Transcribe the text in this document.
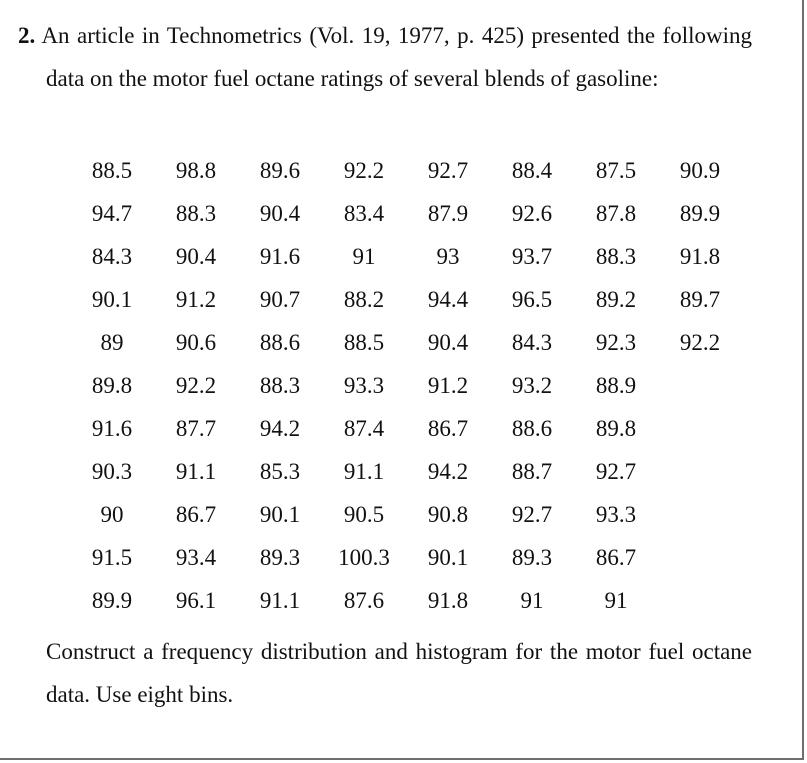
2. An article in Technometrics (Vol. 19, 1977, p. 425) presented the following data on the motor fuel octane ratings of several blends of gasoline:

88.5	98.8	89.6	92.2	92.7	88.4	87.5	90.9
94.7	88.3	90.4	83.4	87.9	92.6	87.8	89.9
84.3	90.4	91.6	91	93	93.7	88.3	91.8
90.1	91.2	90.7	88.2	94.4	96.5	89.2	89.7
89	90.6	88.6	88.5	90.4	84.3	92.3	92.2
89.8	92.2	88.3	93.3	91.2	93.2	88.9	
91.6	87.7	94.2	87.4	86.7	88.6	89.8	
90.3	91.1	85.3	91.1	94.2	88.7	92.7	
90	86.7	90.1	90.5	90.8	92.7	93.3	
91.5	93.4	89.3	100.3	90.1	89.3	86.7	
89.9	96.1	91.1	87.6	91.8	91	91	

Construct a frequency distribution and histogram for the motor fuel octane data. Use eight bins.
